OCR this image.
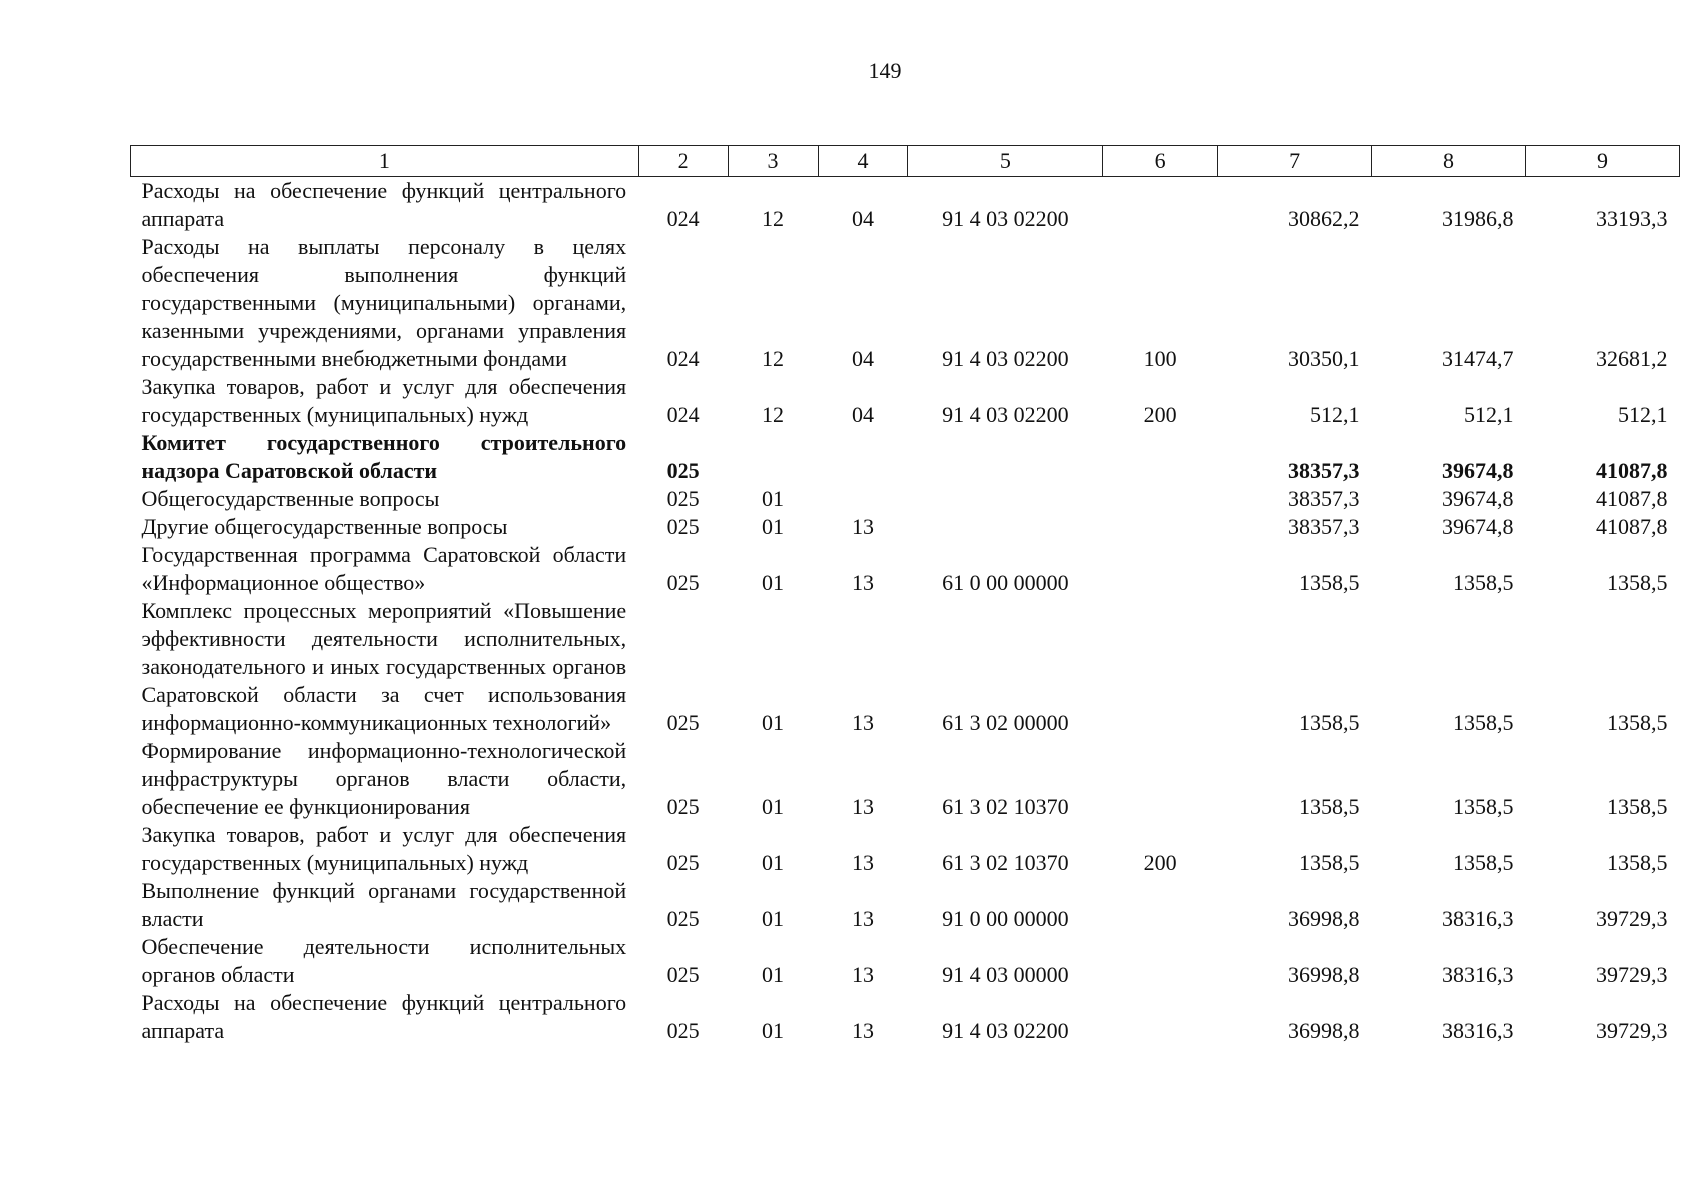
149
1	2	3	4	5	6	7	8	9
Расходы на обеспечение функций центрального аппарата	024	12	04	91 4 03 02200		30862,2	31986,8	33193,3
Расходы на выплаты персоналу в целях обеспечения выполнения функций государственными (муниципальными) органами, казенными учреждениями, органами управления государственными внебюджетными фондами	024	12	04	91 4 03 02200	100	30350,1	31474,7	32681,2
Закупка товаров, работ и услуг для обеспечения государственных (муниципальных) нужд	024	12	04	91 4 03 02200	200	512,1	512,1	512,1
Комитет государственного строительного надзора Саратовской области	025					38357,3	39674,8	41087,8
Общегосударственные вопросы	025	01				38357,3	39674,8	41087,8
Другие общегосударственные вопросы	025	01	13			38357,3	39674,8	41087,8
Государственная программа Саратовской области «Информационное общество»	025	01	13	61 0 00 00000		1358,5	1358,5	1358,5
Комплекс процессных мероприятий «Повышение эффективности деятельности исполнительных, законодательного и иных государственных органов Саратовской области за счет использования информационно-коммуникационных технологий»	025	01	13	61 3 02 00000		1358,5	1358,5	1358,5
Формирование информационно-технологической инфраструктуры органов власти области, обеспечение ее функционирования	025	01	13	61 3 02 10370		1358,5	1358,5	1358,5
Закупка товаров, работ и услуг для обеспечения государственных (муниципальных) нужд	025	01	13	61 3 02 10370	200	1358,5	1358,5	1358,5
Выполнение функций органами государственной власти	025	01	13	91 0 00 00000		36998,8	38316,3	39729,3
Обеспечение деятельности исполнительных органов области	025	01	13	91 4 03 00000		36998,8	38316,3	39729,3
Расходы на обеспечение функций центрального аппарата	025	01	13	91 4 03 02200		36998,8	38316,3	39729,3
